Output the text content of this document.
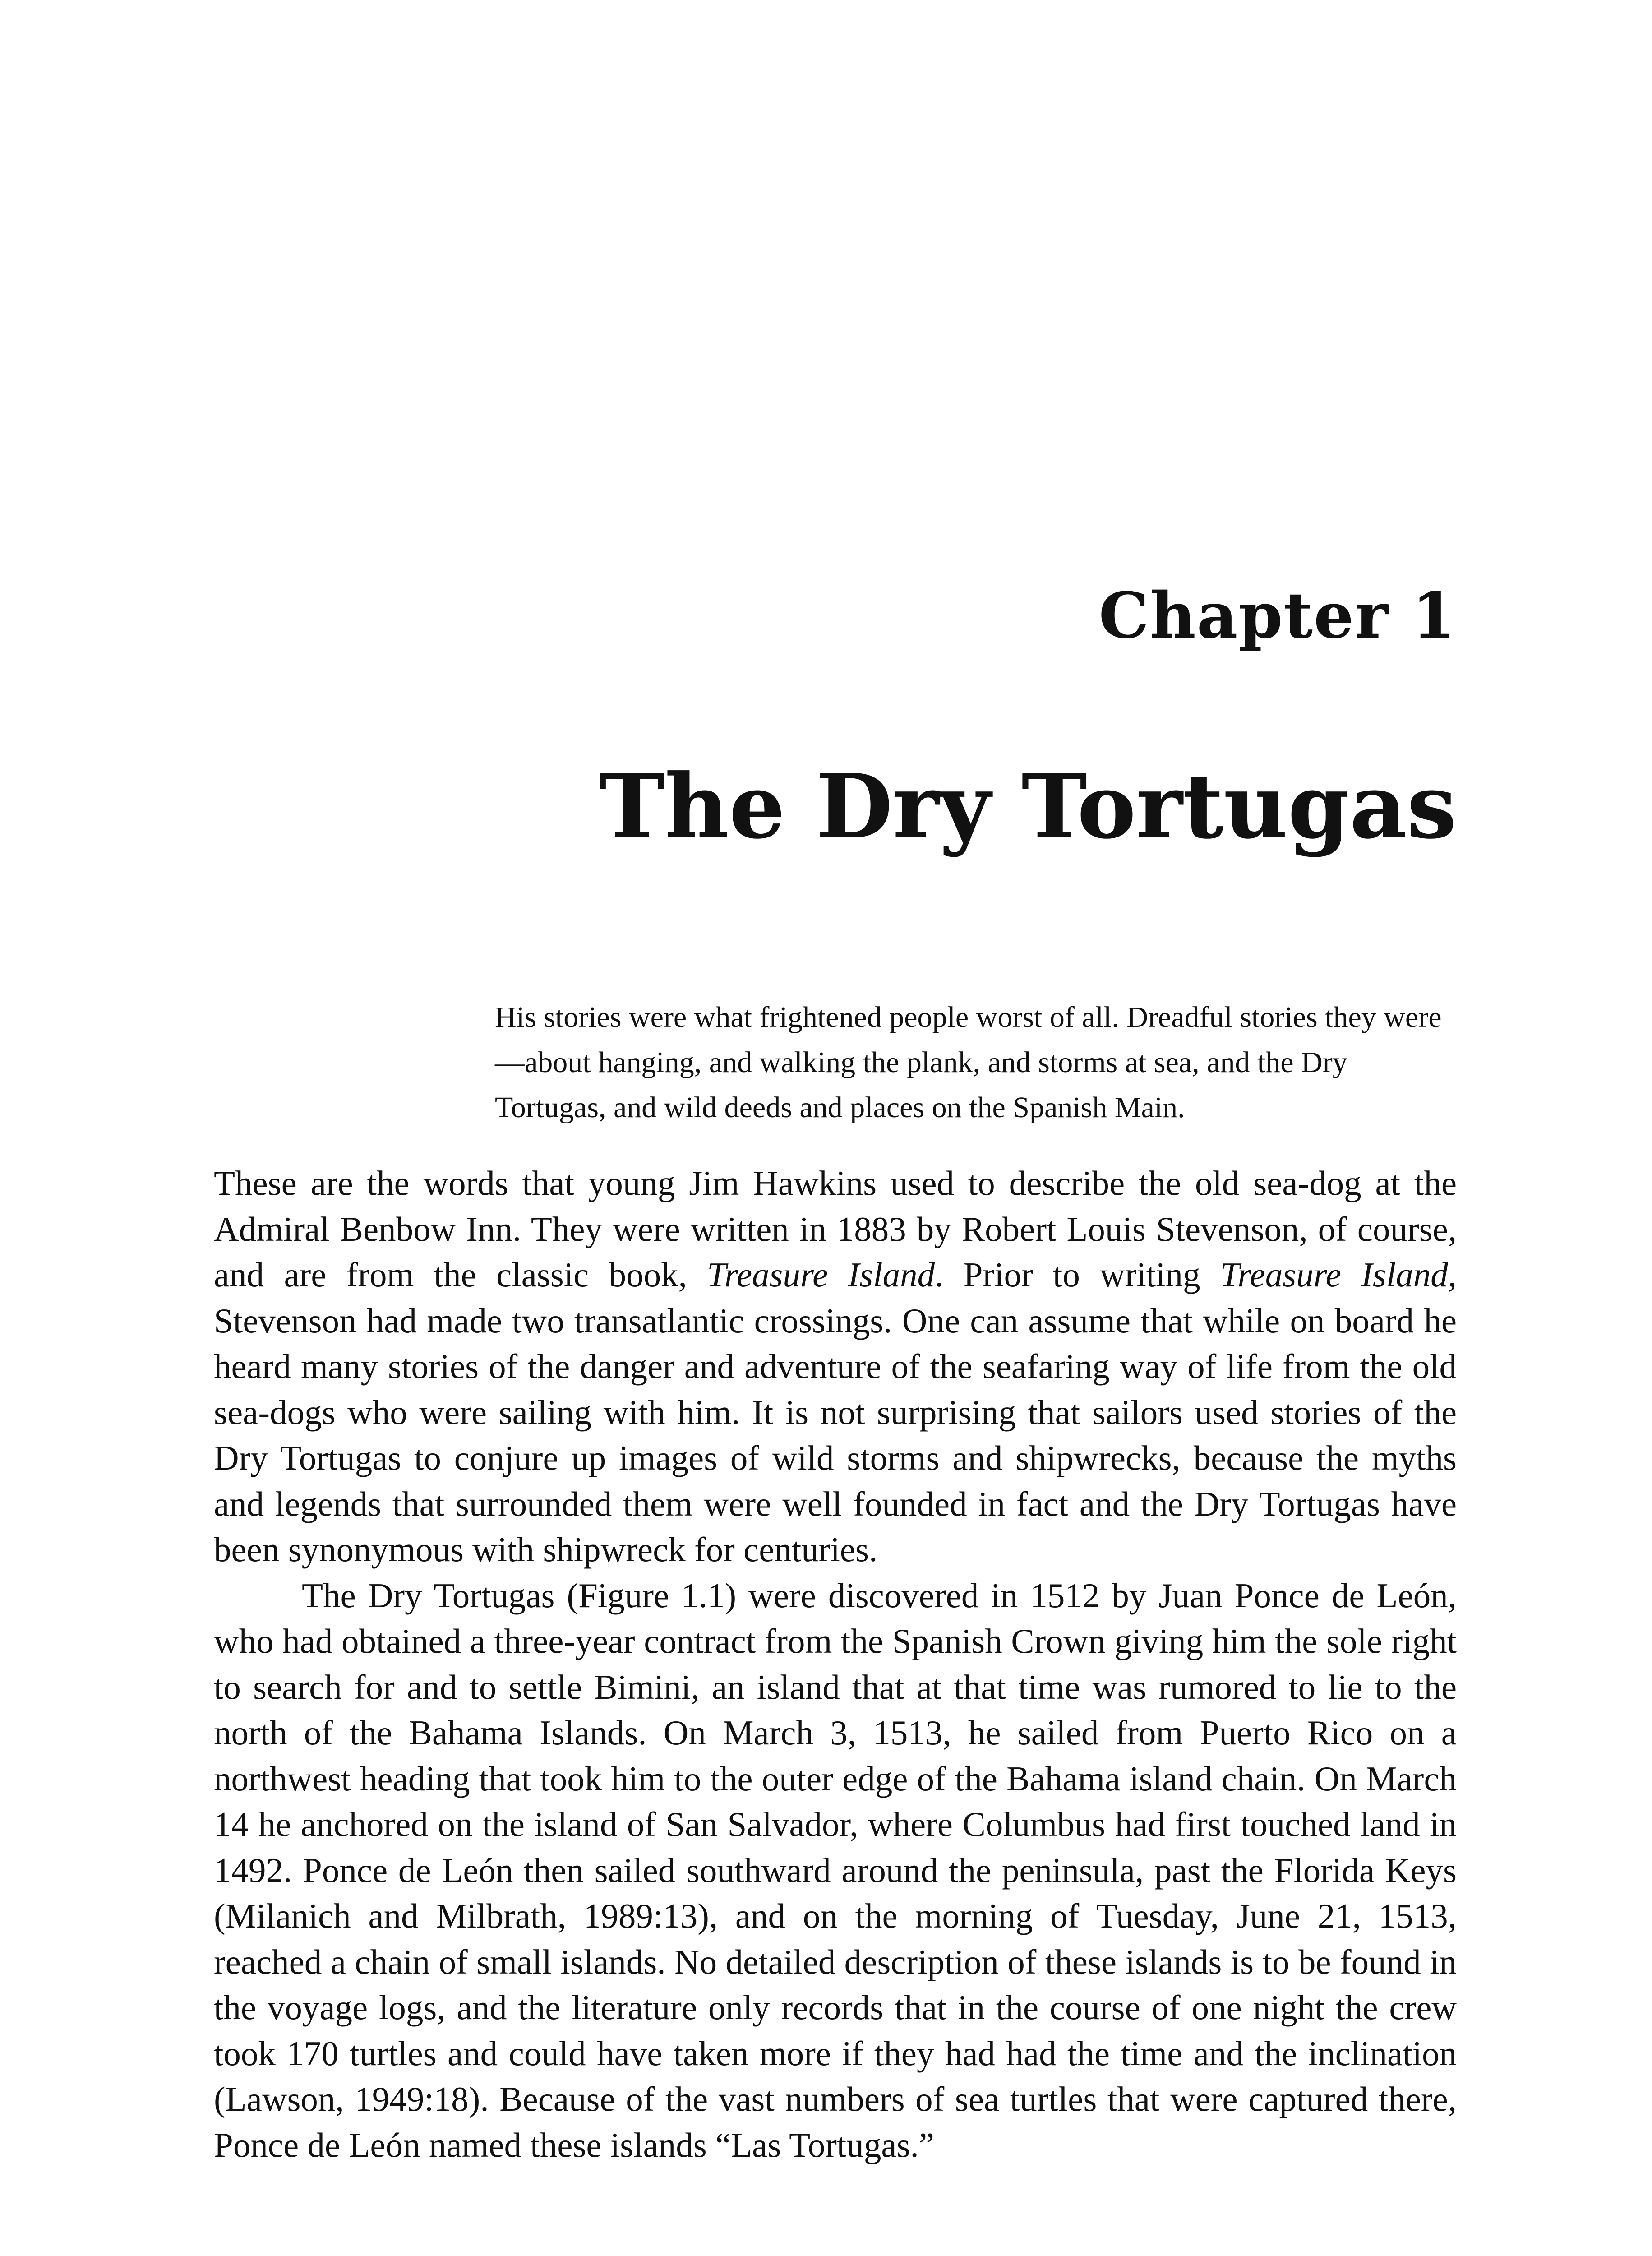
Chapter 1
The Dry Tortugas

His stories were what frightened people worst of all. Dreadful stories they were—about hanging, and walking the plank, and storms at sea, and the Dry Tortugas, and wild deeds and places on the Spanish Main.

These are the words that young Jim Hawkins used to describe the old sea-dog at the Admiral Benbow Inn. They were written in 1883 by Robert Louis Stevenson, of course, and are from the classic book, Treasure Island. Prior to writing Treasure Island, Stevenson had made two transatlantic crossings. One can assume that while on board he heard many stories of the danger and adventure of the seafaring way of life from the old sea-dogs who were sailing with him. It is not surprising that sailors used stories of the Dry Tortugas to conjure up images of wild storms and shipwrecks, because the myths and legends that surrounded them were well founded in fact and the Dry Tortugas have been synonymous with shipwreck for centuries.

The Dry Tortugas (Figure 1.1) were discovered in 1512 by Juan Ponce de León, who had obtained a three-year contract from the Spanish Crown giving him the sole right to search for and to settle Bimini, an island that at that time was rumored to lie to the north of the Bahama Islands. On March 3, 1513, he sailed from Puerto Rico on a northwest heading that took him to the outer edge of the Bahama island chain. On March 14 he anchored on the island of San Salvador, where Columbus had first touched land in 1492. Ponce de León then sailed southward around the peninsula, past the Florida Keys (Milanich and Milbrath, 1989:13), and on the morning of Tuesday, June 21, 1513, reached a chain of small islands. No detailed description of these islands is to be found in the voyage logs, and the literature only records that in the course of one night the crew took 170 turtles and could have taken more if they had had the time and the inclination (Lawson, 1949:18). Because of the vast numbers of sea turtles that were captured there, Ponce de León named these islands “Las Tortugas.”
